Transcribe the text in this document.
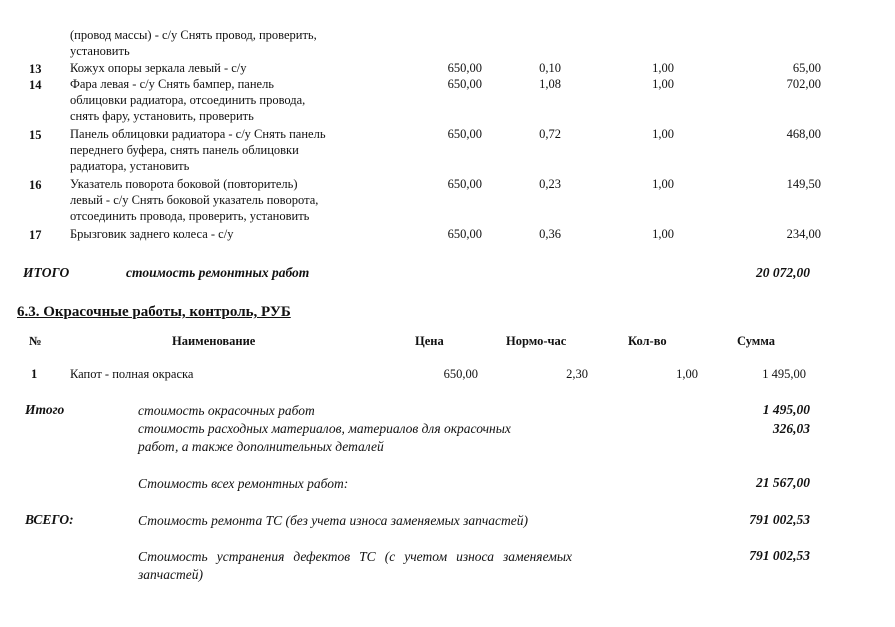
(провод массы) - с/у Снять провод, проверить,
установить
13 Кожух опоры зеркала левый - с/у	650,00	0,10	1,00	65,00
14 Фара левая - с/у Снять бампер, панель
облицовки радиатора, отсоединить провода,
снять фару, установить, проверить
650,00	1,08	1,00	702,00
15 Панель облицовки радиатора - с/у Снять панель
переднего буфера, снять панель облицовки
радиатора, установить
650,00	0,72	1,00	468,00
16 Указатель поворота боковой (повторитель)
левый - с/у Снять боковой указатель поворота,
отсоединить провода, проверить, установить
650,00	0,23	1,00	149,50
17 Брызговик заднего колеса - с/у	650,00	0,36	1,00	234,00
ИТОГО	стоимость ремонтных работ	20 072,00
6.3. Окрасочные работы, контроль, РУБ
№	Наименование	Цена	Нормо-час	Кол-во	Сумма
1	Капот - полная окраска	650,00	2,30	1,00	1 495,00
Итого	стоимость окрасочных работ	1 495,00
стоимость расходных материалов, материалов для окрасочных работ, а также дополнительных деталей
326,03
Стоимость всех ремонтных работ:	21 567,00
ВСЕГО:	Стоимость ремонта ТС (без учета износа заменяемых запчастей)	791 002,53
Стоимость устранения дефектов ТС (с учетом износа заменяемых запчастей)
791 002,53
